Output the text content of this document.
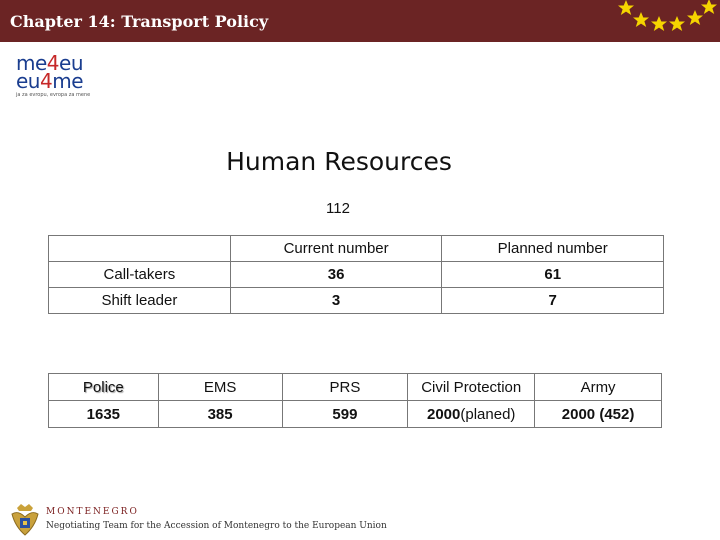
Chapter 14: Transport Policy
me4eu
eu4me
ja za evropu, evropa za mene
Human Resources
112
	Current number	Planned number
Call-takers	36	61
Shift leader	3	7
Police	EMS	PRS	Civil Protection	Army
1635	385	599	2000(planed)	2000 (452)
MONTENEGRO
Negotiating Team for the Accession of Montenegro to the European Union
